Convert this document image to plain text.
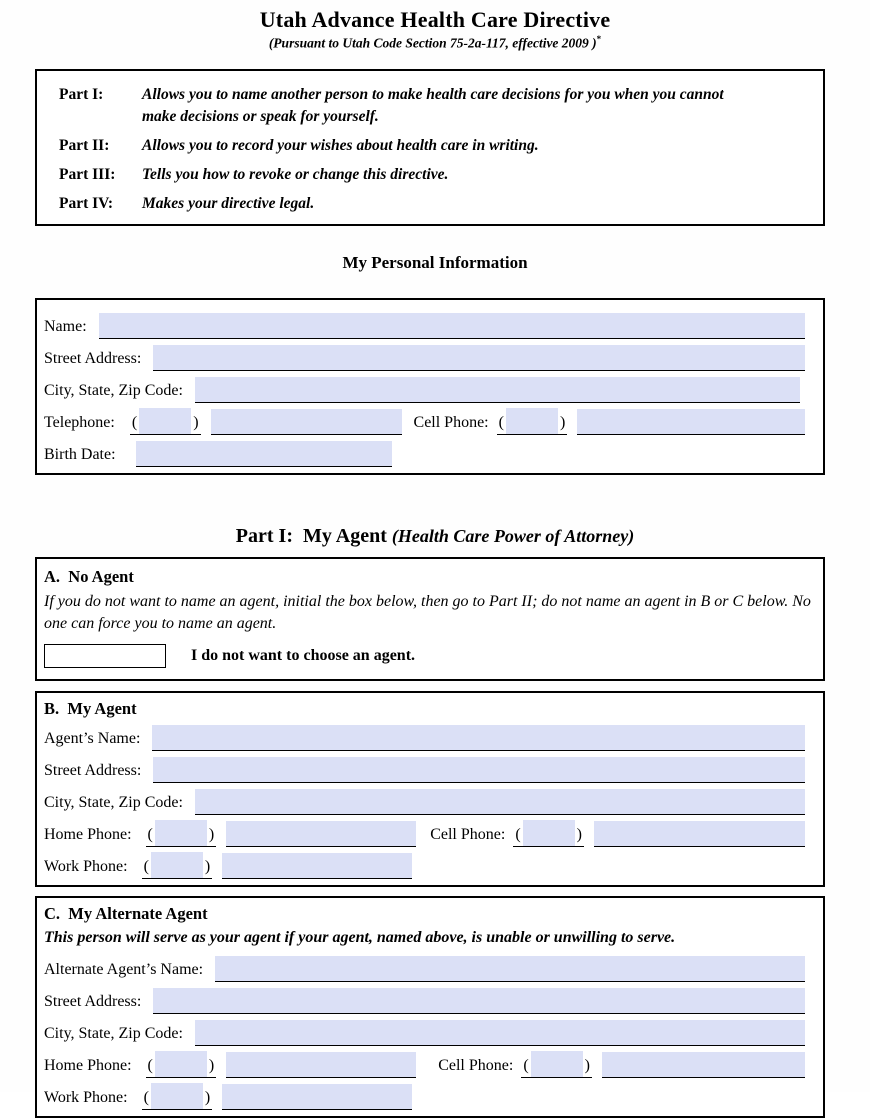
Utah Advance Health Care Directive
(Pursuant to Utah Code Section 75-2a-117, effective 2009 )*
Part I:	Allows you to name another person to make health care decisions for you when you cannot make decisions or speak for yourself.
Part II:	Allows you to record your wishes about health care in writing.
Part III:	Tells you how to revoke or change this directive.
Part IV:	Makes your directive legal.
My Personal Information
Name:
Street Address:
City, State, Zip Code:
Telephone: (	)	Cell Phone: (	)
Birth Date:
Part I:  My Agent (Health Care Power of Attorney)
A.  No Agent
If you do not want to name an agent, initial the box below, then go to Part II; do not name an agent in B or C below. No one can force you to name an agent.
I do not want to choose an agent.
B.  My Agent
Agent’s Name:
Street Address:
City, State, Zip Code:
Home Phone: (	)	Cell Phone: (	)
Work Phone: (	)
C.  My Alternate Agent
This person will serve as your agent if your agent, named above, is unable or unwilling to serve.
Alternate Agent’s Name:
Street Address:
City, State, Zip Code:
Home Phone: (	)	Cell Phone: (	)
Work Phone: (	)
